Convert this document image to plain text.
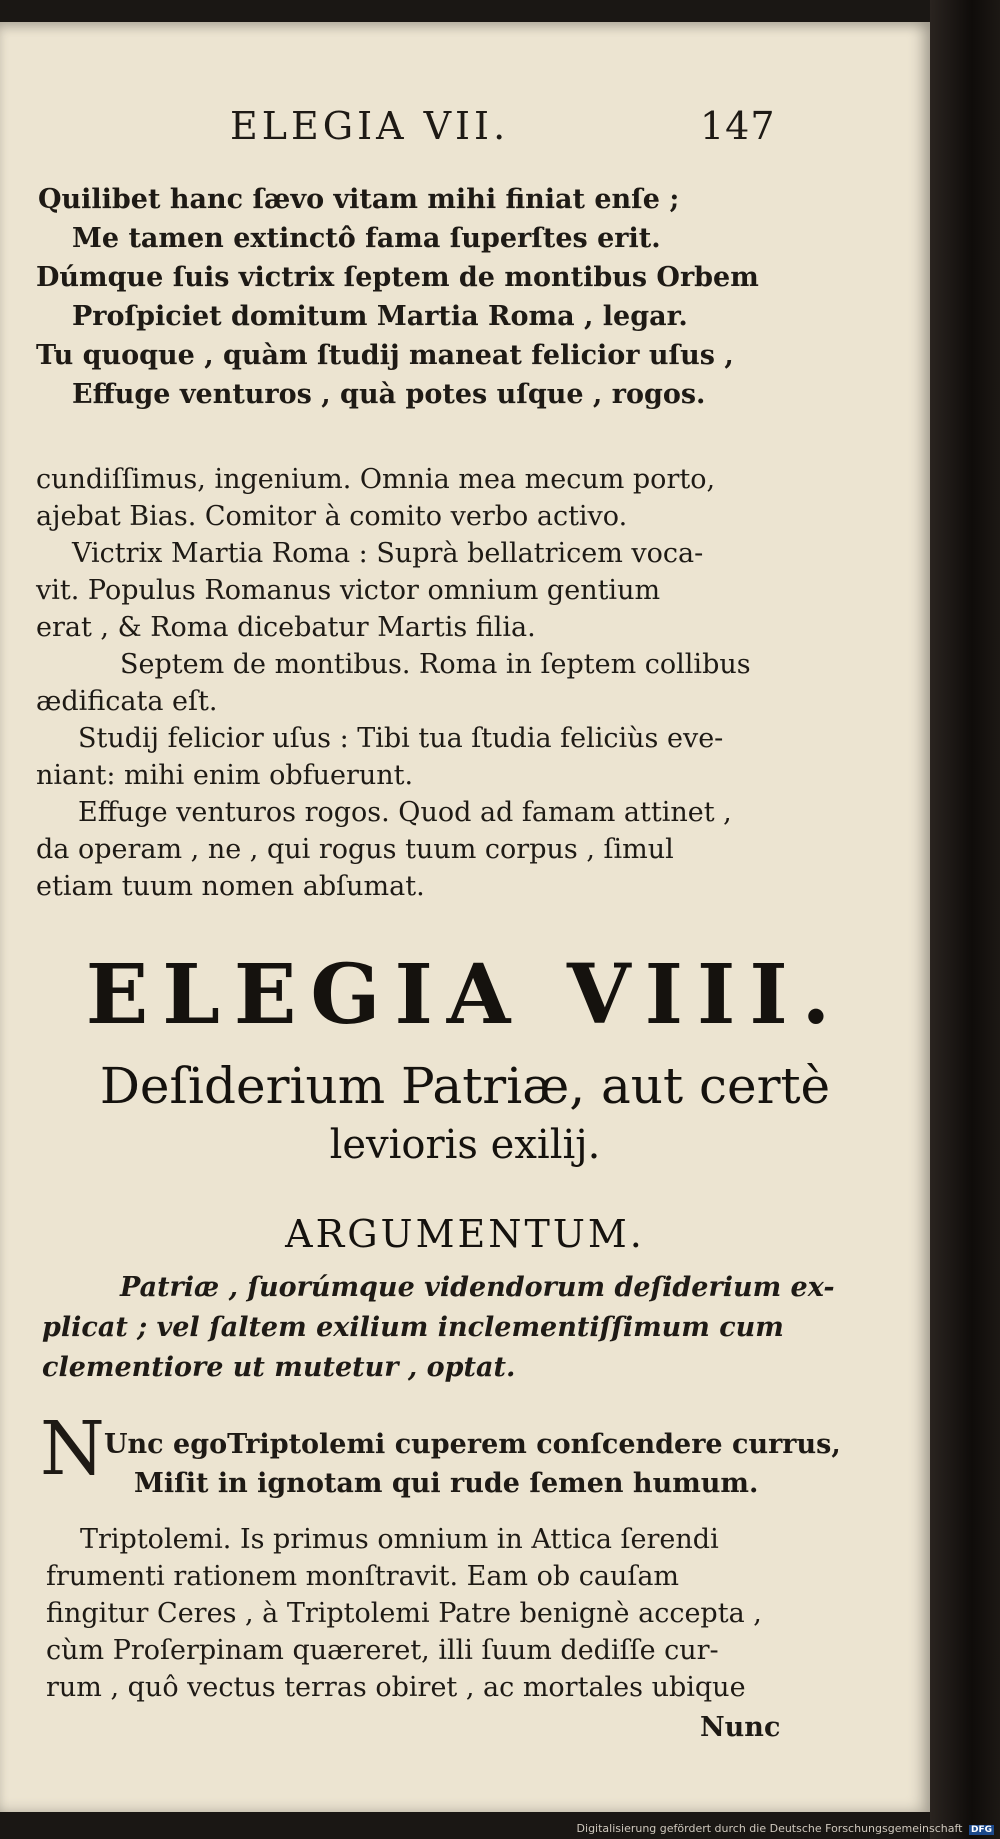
ELEGIA VII.	147
Quilibet hanc ſævo vitam mihi finiat enſe ;
Me tamen extinctô fama ſuperſtes erit.
Dúmque ſuis victrix ſeptem de montibus Orbem
Proſpiciet domitum Martia Roma , legar.
Tu quoque , quàm ſtudij maneat felicior uſus ,
Effuge venturos , quà potes uſque , rogos.
cundiſſimus, ingenium. Omnia mea mecum porto,
ajebat Bias. Comitor à comito verbo activo.
Victrix Martia Roma : Suprà bellatricem voca-
vit. Populus Romanus victor omnium gentium
erat , & Roma dicebatur Martis filia.
Septem de montibus. Roma in ſeptem collibus
ædificata eſt.
Studij felicior uſus : Tibi tua ſtudia feliciùs eve-
niant: mihi enim obfuerunt.
Effuge venturos rogos. Quod ad famam attinet ,
da operam , ne , qui rogus tuum corpus , ſimul
etiam tuum nomen abſumat.
ELEGIA VIII.
Deſiderium Patriæ, aut certè
levioris exilij.
ARGUMENTUM.
Patriæ , ſuorúmque videndorum deſiderium ex-
plicat ; vel ſaltem exilium inclementiſſimum cum
clementiore ut mutetur , optat.
N Unc egoTriptolemi cuperem conſcendere currus,
Miſit in ignotam qui rude ſemen humum.
Triptolemi. Is primus omnium in Attica ſerendi
frumenti rationem monſtravit. Eam ob cauſam
fingitur Ceres , à Triptolemi Patre benignè accepta ,
cùm Proſerpinam quæreret, illi ſuum dediſſe cur-
rum , quô vectus terras obiret , ac mortales ubique
Nunc
Digitalisierung gefördert durch die Deutsche Forschungsgemeinschaft DFG
